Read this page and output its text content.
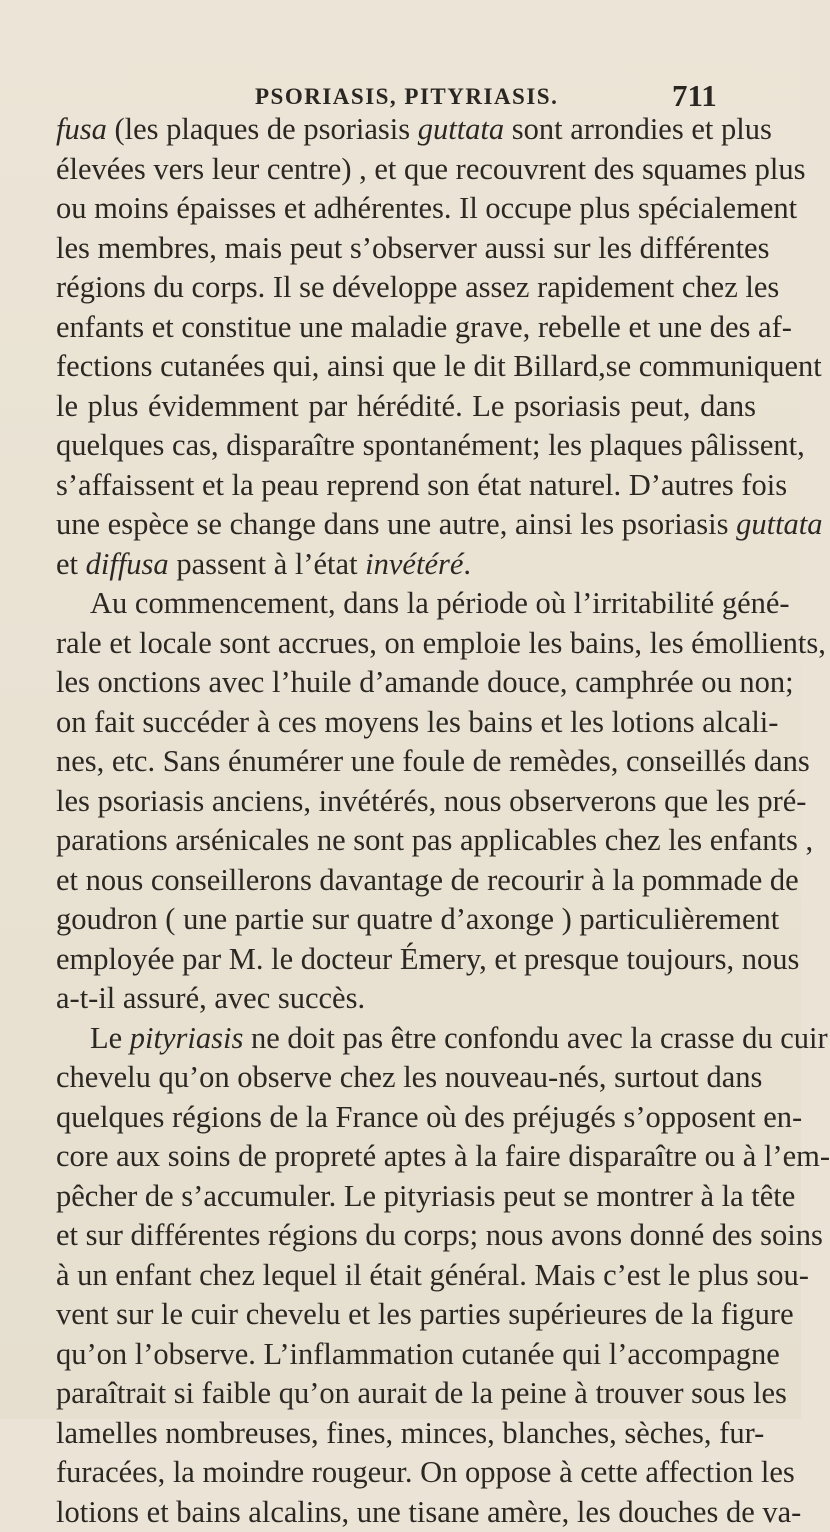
PSORIASIS, PITYRIASIS.	711
fusa (les plaques de psoriasis guttata sont arrondies et plus
élevées vers leur centre) , et que recouvrent des squames plus
ou moins épaisses et adhérentes. Il occupe plus spécialement
les membres, mais peut s’observer aussi sur les différentes
régions du corps. Il se développe assez rapidement chez les
enfants et constitue une maladie grave, rebelle et une des af-
fections cutanées qui, ainsi que le dit Billard,se communiquent
le plus évidemment par hérédité. Le psoriasis peut, dans
quelques cas, disparaître spontanément; les plaques pâlissent,
s’affaissent et la peau reprend son état naturel. D’autres fois
une espèce se change dans une autre, ainsi les psoriasis guttata
et diffusa passent à l’état invétéré.
Au commencement, dans la période où l’irritabilité géné-
rale et locale sont accrues, on emploie les bains, les émollients,
les onctions avec l’huile d’amande douce, camphrée ou non;
on fait succéder à ces moyens les bains et les lotions alcali-
nes, etc. Sans énumérer une foule de remèdes, conseillés dans
les psoriasis anciens, invétérés, nous observerons que les pré-
parations arsénicales ne sont pas applicables chez les enfants ,
et nous conseillerons davantage de recourir à la pommade de
goudron ( une partie sur quatre d’axonge ) particulièrement
employée par M. le docteur Émery, et presque toujours, nous
a-t-il assuré, avec succès.
Le pityriasis ne doit pas être confondu avec la crasse du cuir
chevelu qu’on observe chez les nouveau-nés, surtout dans
quelques régions de la France où des préjugés s’opposent en-
core aux soins de propreté aptes à la faire disparaître ou à l’em-
pêcher de s’accumuler. Le pityriasis peut se montrer à la tête
et sur différentes régions du corps; nous avons donné des soins
à un enfant chez lequel il était général. Mais c’est le plus sou-
vent sur le cuir chevelu et les parties supérieures de la figure
qu’on l’observe. L’inflammation cutanée qui l’accompagne
paraîtrait si faible qu’on aurait de la peine à trouver sous les
lamelles nombreuses, fines, minces, blanches, sèches, fur-
furacées, la moindre rougeur. On oppose à cette affection les
lotions et bains alcalins, une tisane amère, les douches de va-
